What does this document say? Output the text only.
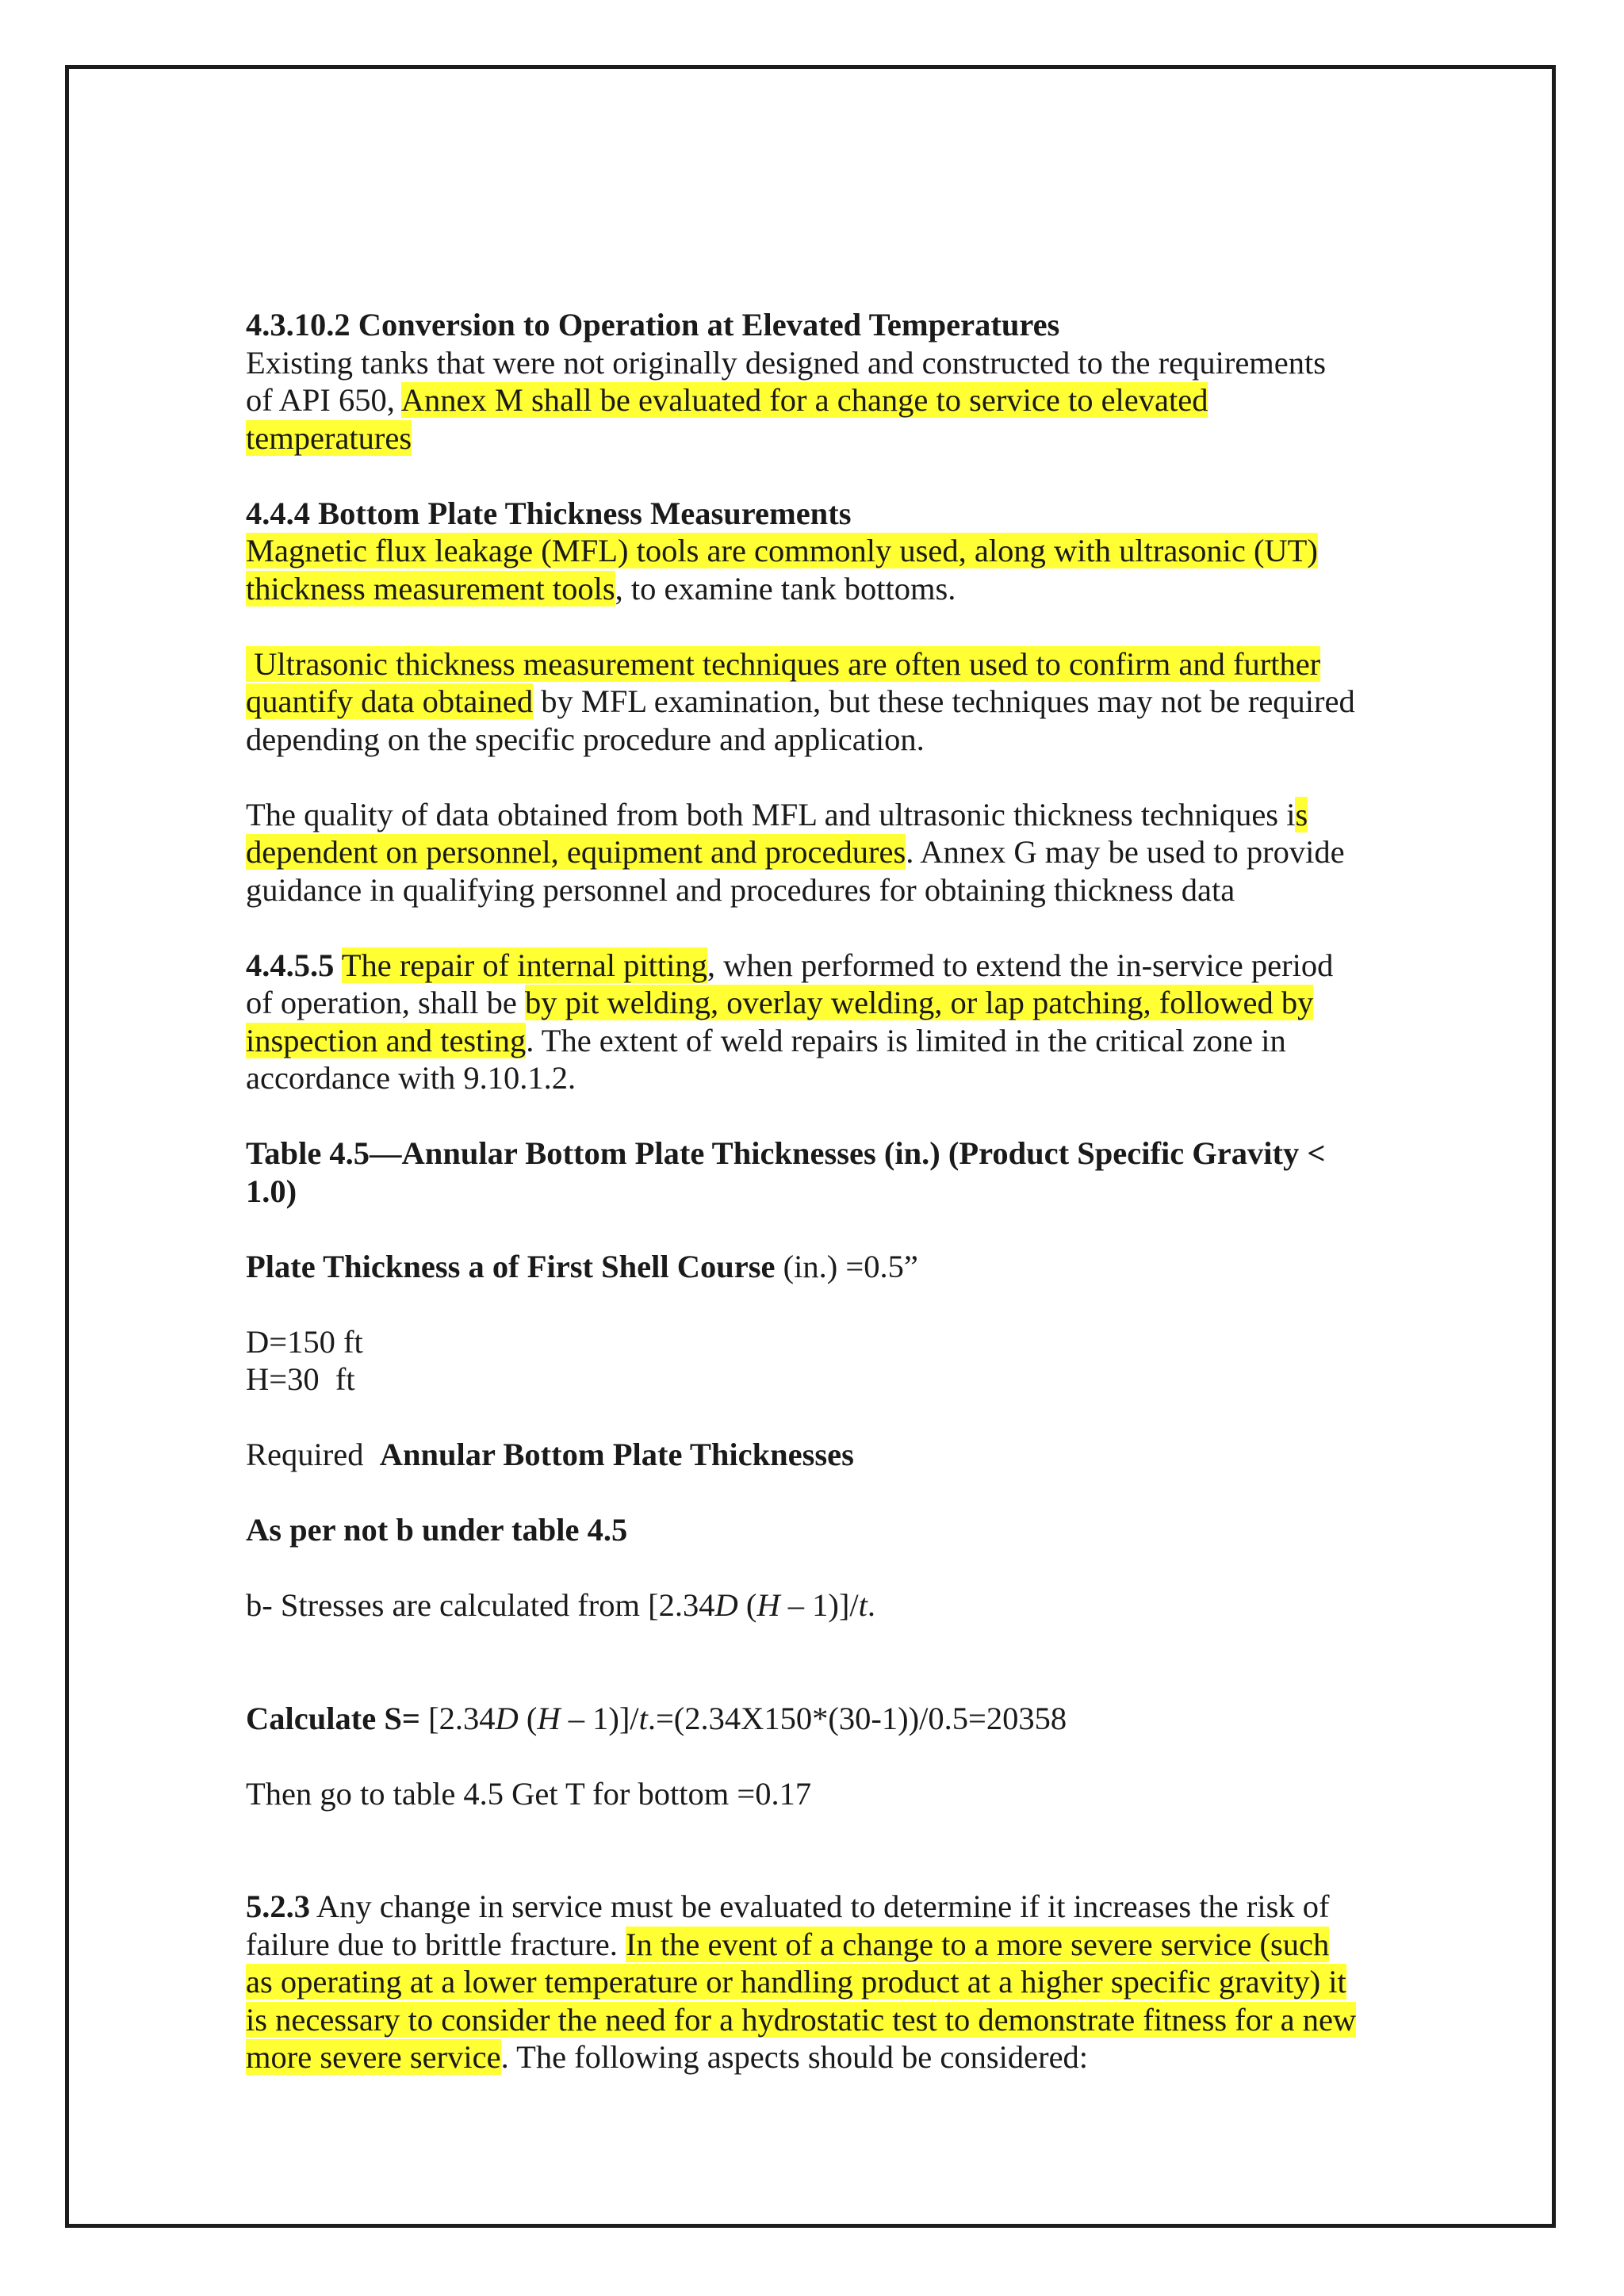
4.3.10.2 Conversion to Operation at Elevated Temperatures

Existing tanks that were not originally designed and constructed to the requirements

of API 650, Annex M shall be evaluated for a change to service to elevated

temperatures

4.4.4 Bottom Plate Thickness Measurements

Magnetic flux leakage (MFL) tools are commonly used, along with ultrasonic (UT)

thickness measurement tools, to examine tank bottoms.

Ultrasonic thickness measurement techniques are often used to confirm and further

quantify data obtained by MFL examination, but these techniques may not be required

depending on the specific procedure and application.

The quality of data obtained from both MFL and ultrasonic thickness techniques is

dependent on personnel, equipment and procedures. Annex G may be used to provide

guidance in qualifying personnel and procedures for obtaining thickness data

4.4.5.5 The repair of internal pitting, when performed to extend the in-service period

of operation, shall be by pit welding, overlay welding, or lap patching, followed by

inspection and testing. The extent of weld repairs is limited in the critical zone in

accordance with 9.10.1.2.

Table 4.5—Annular Bottom Plate Thicknesses (in.) (Product Specific Gravity <

1.0)

Plate Thickness a of First Shell Course (in.) =0.5”

D=150 ft

H=30  ft

Required  Annular Bottom Plate Thicknesses

As per not b under table 4.5

b- Stresses are calculated from [2.34D (H – 1)]/t.

Calculate S= [2.34D (H – 1)]/t.=(2.34X150*(30-1))/0.5=20358

Then go to table 4.5 Get T for bottom =0.17

5.2.3 Any change in service must be evaluated to determine if it increases the risk of

failure due to brittle fracture. In the event of a change to a more severe service (such

as operating at a lower temperature or handling product at a higher specific gravity) it

is necessary to consider the need for a hydrostatic test to demonstrate fitness for a new

more severe service. The following aspects should be considered:
